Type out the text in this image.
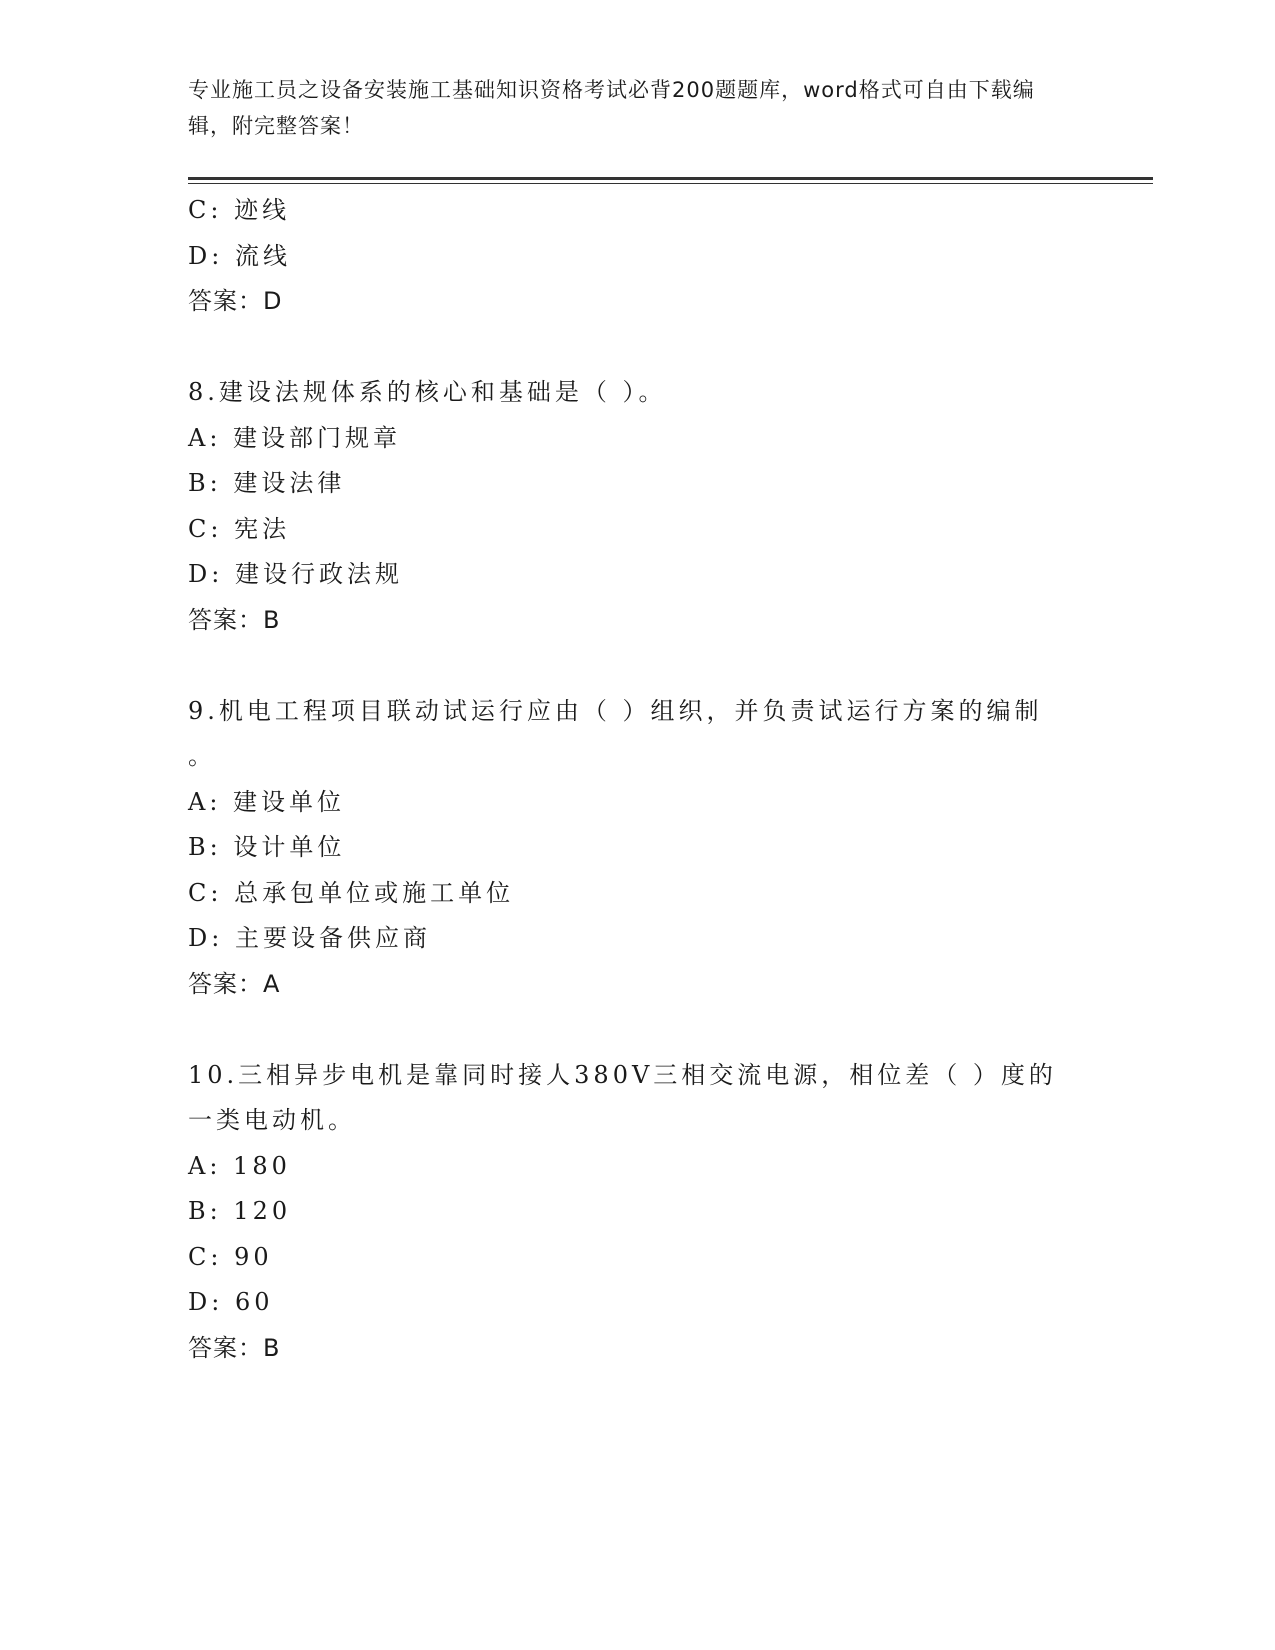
专业施工员之设备安装施工基础知识资格考试必背200题题库，word格式可自由下载编辑，附完整答案！
C: 迹线
D: 流线
答案：D
8.建设法规体系的核心和基础是（ ）。
A: 建设部门规章
B: 建设法律
C: 宪法
D: 建设行政法规
答案：B
9.机电工程项目联动试运行应由（ ）组织，并负责试运行方案的编制
。
A: 建设单位
B: 设计单位
C: 总承包单位或施工单位
D: 主要设备供应商
答案：A
10.三相异步电机是靠同时接人380V三相交流电源，相位差（ ）度的
一类电动机。
A: 180
B: 120
C: 90
D: 60
答案：B
